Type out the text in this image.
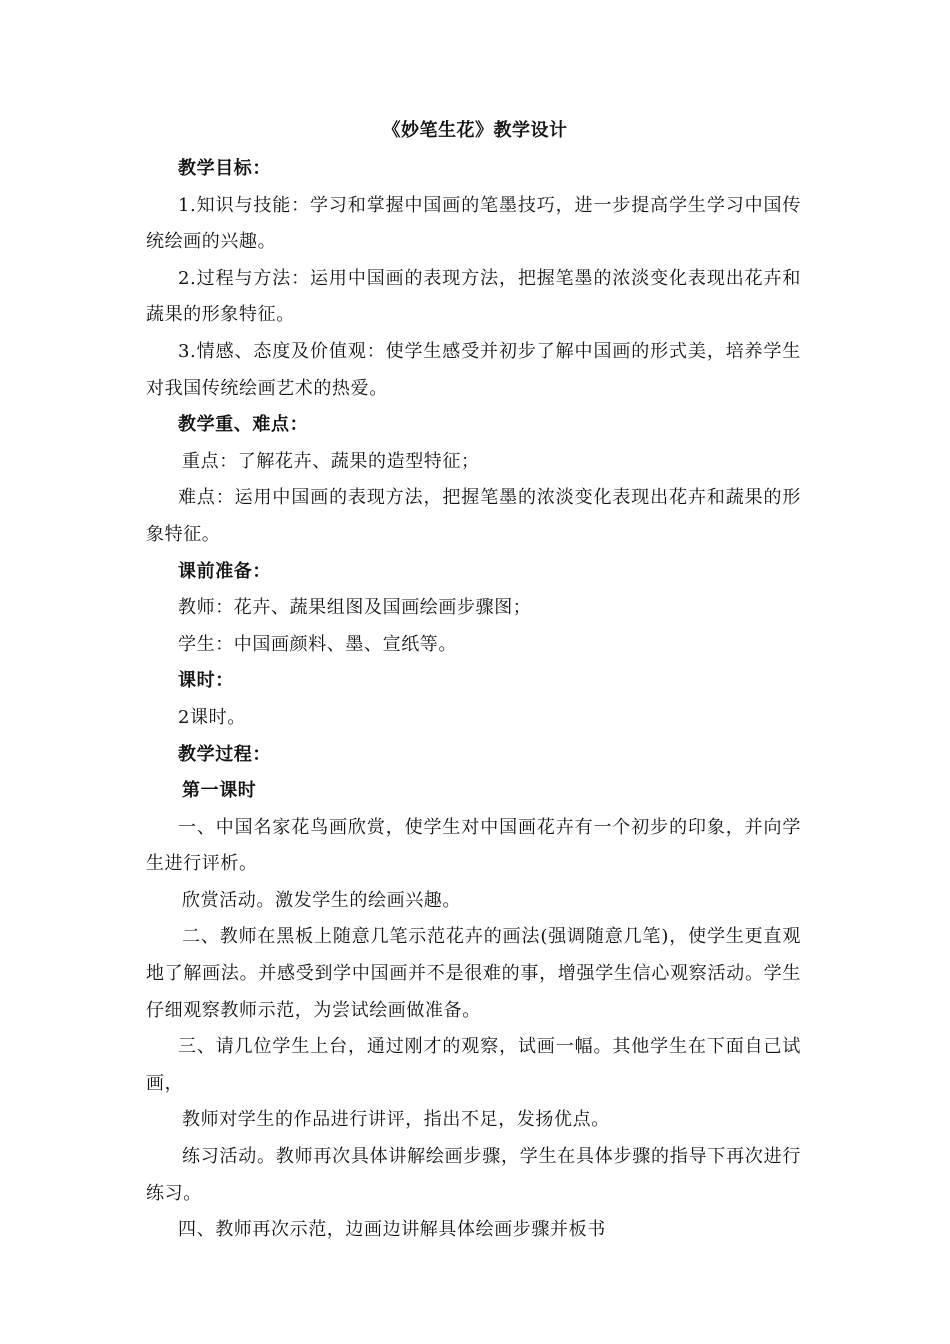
《妙笔生花》教学设计
教学目标：
1.知识与技能：学习和掌握中国画的笔墨技巧，进一步提高学生学习中国传统绘画的兴趣。
2.过程与方法：运用中国画的表现方法，把握笔墨的浓淡变化表现出花卉和蔬果的形象特征。
3.情感、态度及价值观：使学生感受并初步了解中国画的形式美，培养学生对我国传统绘画艺术的热爱。
教学重、难点：
重点：了解花卉、蔬果的造型特征；
难点：运用中国画的表现方法，把握笔墨的浓淡变化表现出花卉和蔬果的形象特征。
课前准备：
教师：花卉、蔬果组图及国画绘画步骤图；
学生：中国画颜料、墨、宣纸等。
课时：
2课时。
教学过程：
第一课时
一、中国名家花鸟画欣赏，使学生对中国画花卉有一个初步的印象，并向学生进行评析。
欣赏活动。激发学生的绘画兴趣。
二、教师在黑板上随意几笔示范花卉的画法(强调随意几笔)，使学生更直观地了解画法。并感受到学中国画并不是很难的事，增强学生信心观察活动。学生仔细观察教师示范，为尝试绘画做准备。
三、请几位学生上台，通过刚才的观察，试画一幅。其他学生在下面自己试画，
教师对学生的作品进行讲评，指出不足，发扬优点。
练习活动。教师再次具体讲解绘画步骤，学生在具体步骤的指导下再次进行练习。
四、教师再次示范，边画边讲解具体绘画步骤并板书
